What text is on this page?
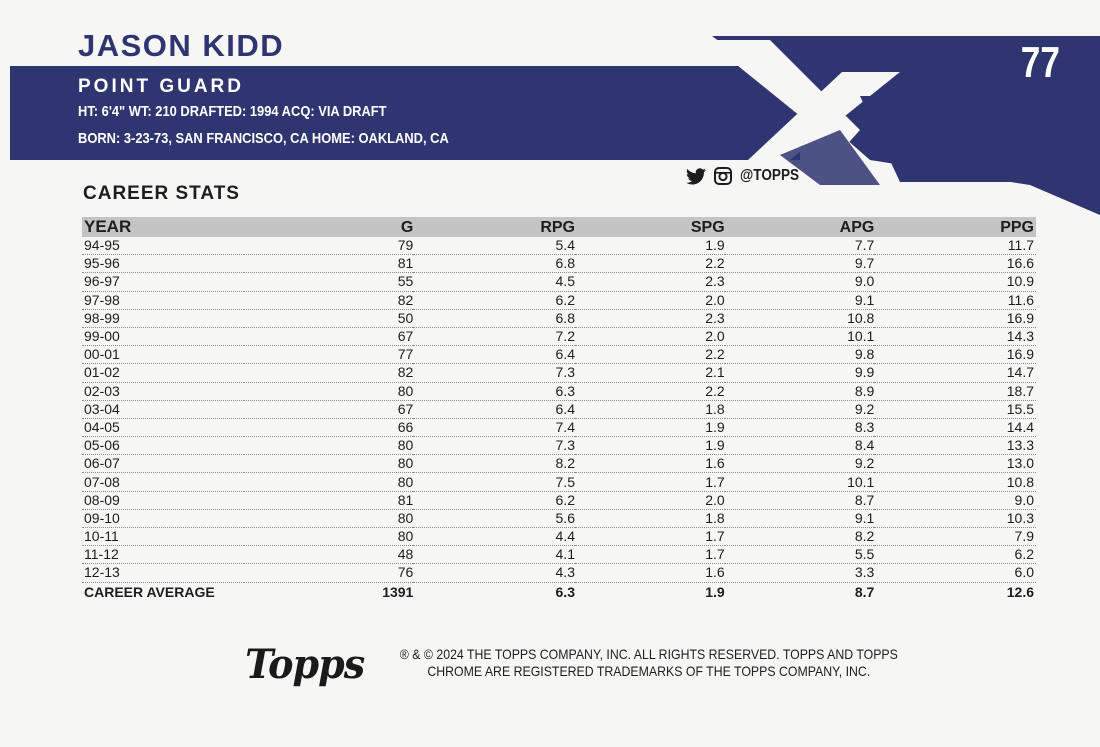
JASON KIDD
POINT GUARD
HT: 6'4" WT: 210 DRAFTED: 1994 ACQ: VIA DRAFT
BORN: 3-23-73, SAN FRANCISCO, CA HOME: OAKLAND, CA
77
@TOPPS
CAREER STATS
YEAR	G	RPG	SPG	APG	PPG
94-95	79	5.4	1.9	7.7	11.7
95-96	81	6.8	2.2	9.7	16.6
96-97	55	4.5	2.3	9.0	10.9
97-98	82	6.2	2.0	9.1	11.6
98-99	50	6.8	2.3	10.8	16.9
99-00	67	7.2	2.0	10.1	14.3
00-01	77	6.4	2.2	9.8	16.9
01-02	82	7.3	2.1	9.9	14.7
02-03	80	6.3	2.2	8.9	18.7
03-04	67	6.4	1.8	9.2	15.5
04-05	66	7.4	1.9	8.3	14.4
05-06	80	7.3	1.9	8.4	13.3
06-07	80	8.2	1.6	9.2	13.0
07-08	80	7.5	1.7	10.1	10.8
08-09	81	6.2	2.0	8.7	9.0
09-10	80	5.6	1.8	9.1	10.3
10-11	80	4.4	1.7	8.2	7.9
11-12	48	4.1	1.7	5.5	6.2
12-13	76	4.3	1.6	3.3	6.0
CAREER AVERAGE	1391	6.3	1.9	8.7	12.6
Topps	® & © 2024 THE TOPPS COMPANY, INC. ALL RIGHTS RESERVED. TOPPS AND TOPPS
CHROME ARE REGISTERED TRADEMARKS OF THE TOPPS COMPANY, INC.
